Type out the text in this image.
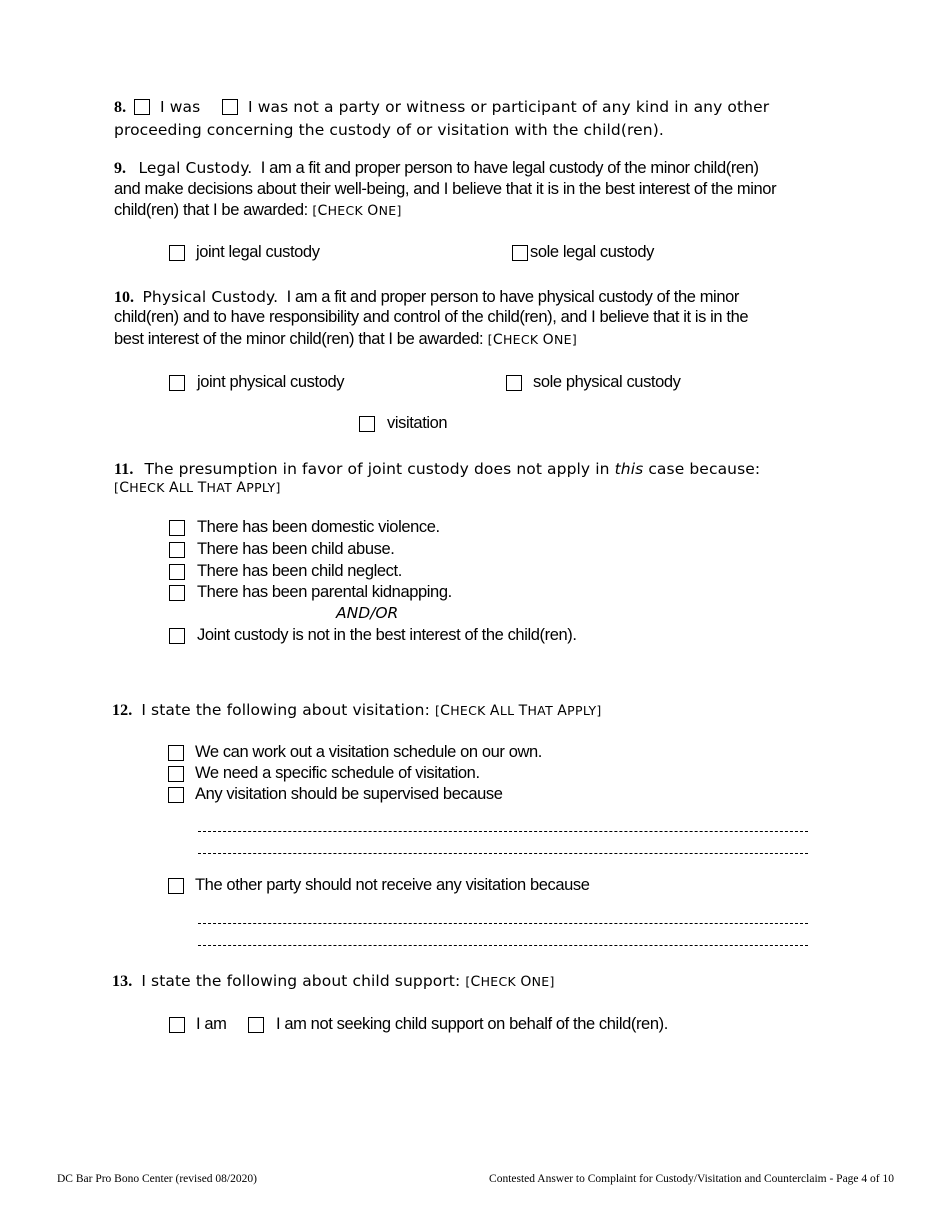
8. I was	I was not a party or witness or participant of any kind in any other
proceeding concerning the custody of or visitation with the child(ren).
9. Legal Custody. I am a fit and proper person to have legal custody of the minor child(ren)
and make decisions about their well-being, and I believe that it is in the best interest of the minor
child(ren) that I be awarded: [CHECK ONE]
joint legal custody	sole legal custody
10. Physical Custody. I am a fit and proper person to have physical custody of the minor
child(ren) and to have responsibility and control of the child(ren), and I believe that it is in the
best interest of the minor child(ren) that I be awarded: [CHECK ONE]
joint physical custody	sole physical custody
visitation
11. The presumption in favor of joint custody does not apply in this case because:
[CHECK ALL THAT APPLY]
There has been domestic violence.
There has been child abuse.
There has been child neglect.
There has been parental kidnapping.
AND/OR
Joint custody is not in the best interest of the child(ren).
12. I state the following about visitation: [CHECK ALL THAT APPLY]
We can work out a visitation schedule on our own.
We need a specific schedule of visitation.
Any visitation should be supervised because
The other party should not receive any visitation because
13. I state the following about child support: [CHECK ONE]
I am	I am not seeking child support on behalf of the child(ren).
DC Bar Pro Bono Center (revised 08/2020)	Contested Answer to Complaint for Custody/Visitation and Counterclaim - Page 4 of 10
